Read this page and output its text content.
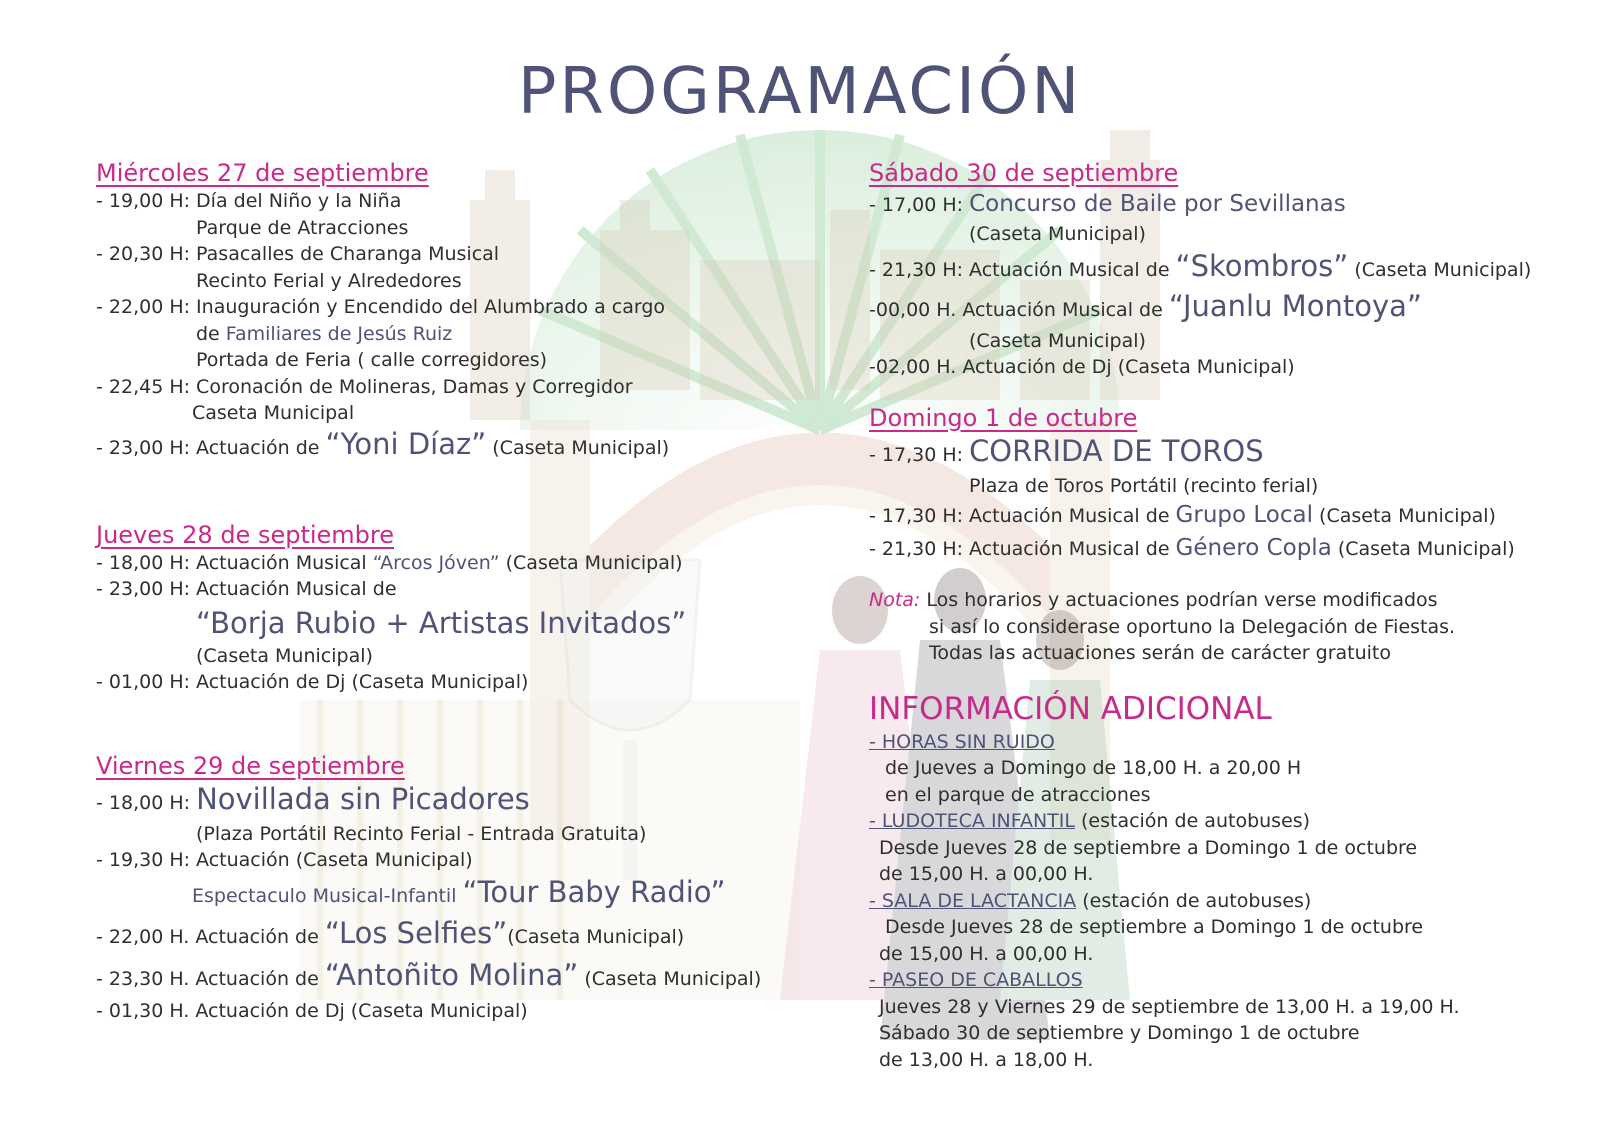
PROGRAMACIÓN
Miércoles 27 de septiembre
- 19,00 H: Día del Niño y la Niña
Parque de Atracciones
- 20,30 H: Pasacalles de Charanga Musical
Recinto Ferial y Alrededores
- 22,00 H: Inauguración y Encendido del Alumbrado a cargo
de Familiares de Jesús Ruiz
Portada de Feria ( calle corregidores)
- 22,45 H: Coronación de Molineras, Damas y Corregidor
Caseta Municipal
- 23,00 H: Actuación de “Yoni Díaz” (Caseta Municipal)
Jueves 28 de septiembre
- 18,00 H: Actuación Musical “Arcos Jóven” (Caseta Municipal)
- 23,00 H: Actuación Musical de
“Borja Rubio + Artistas Invitados”
(Caseta Municipal)
- 01,00 H: Actuación de Dj (Caseta Municipal)
Viernes 29 de septiembre
- 18,00 H: Novillada sin Picadores
(Plaza Portátil Recinto Ferial - Entrada Gratuita)
- 19,30 H: Actuación (Caseta Municipal)
Espectaculo Musical-Infantil “Tour Baby Radio”
- 22,00 H. Actuación de “Los Selfies”(Caseta Municipal)
- 23,30 H. Actuación de “Antoñito Molina” (Caseta Municipal)
- 01,30 H. Actuación de Dj (Caseta Municipal)
Sábado 30 de septiembre
- 17,00 H: Concurso de Baile por Sevillanas
(Caseta Municipal)
- 21,30 H: Actuación Musical de “Skombros” (Caseta Municipal)
-00,00 H. Actuación Musical de “Juanlu Montoya”
(Caseta Municipal)
-02,00 H. Actuación de Dj (Caseta Municipal)
Domingo 1 de octubre
- 17,30 H: CORRIDA DE TOROS
Plaza de Toros Portátil (recinto ferial)
- 17,30 H: Actuación Musical de Grupo Local (Caseta Municipal)
- 21,30 H: Actuación Musical de Género Copla (Caseta Municipal)
Nota: Los horarios y actuaciones podrían verse modificados
si así lo considerase oportuno la Delegación de Fiestas.
Todas las actuaciones serán de carácter gratuito
INFORMACIÓN ADICIONAL
- HORAS SIN RUIDO
de Jueves a Domingo de 18,00 H. a 20,00 H
en el parque de atracciones
- LUDOTECA INFANTIL (estación de autobuses)
Desde Jueves 28 de septiembre a Domingo 1 de octubre
de 15,00 H. a 00,00 H.
- SALA DE LACTANCIA (estación de autobuses)
Desde Jueves 28 de septiembre a Domingo 1 de octubre
de 15,00 H. a 00,00 H.
- PASEO DE CABALLOS
Jueves 28 y Viernes 29 de septiembre de 13,00 H. a 19,00 H.
Sábado 30 de septiembre y Domingo 1 de octubre
de 13,00 H. a 18,00 H.
